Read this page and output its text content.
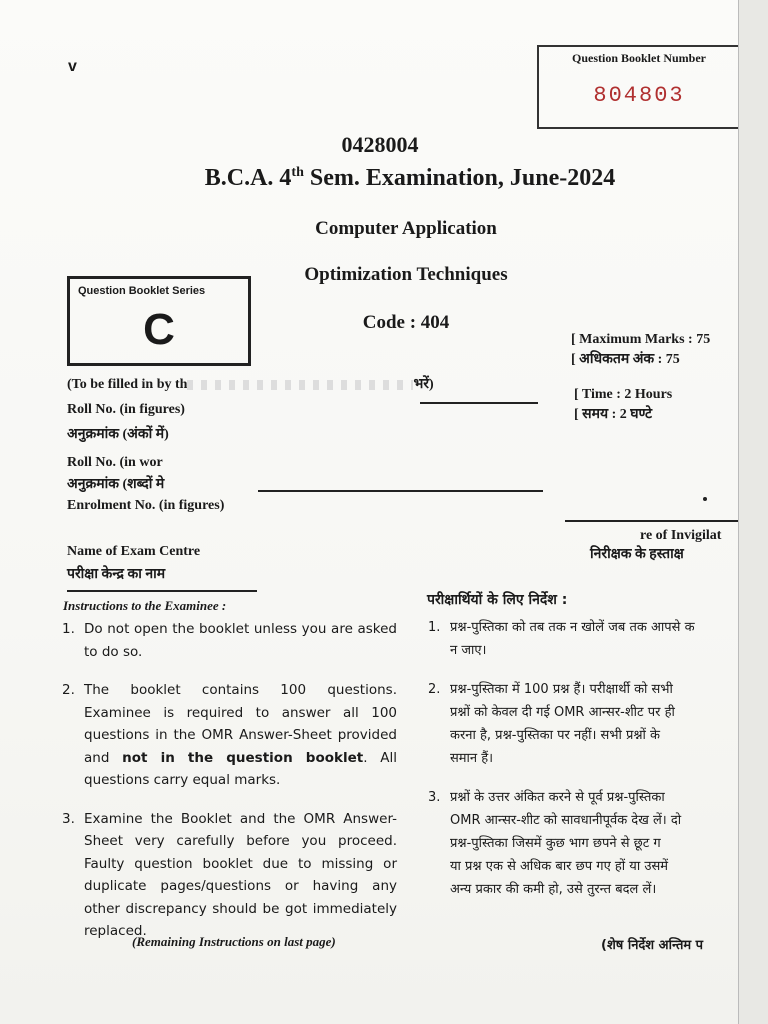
v	Question Booklet Number
804803
0428004
B.C.A. 4th Sem. Examination, June-2024
Computer Application
Optimization Techniques
Code : 404
Question Booklet Series
C	[ Maximum Marks : 75
[ अधिकतम अंक : 75
[ Time : 2 Hours
[ समय : 2 घण्टे
(To be filled in by th	भरें)
Roll No. (in figures)
अनुक्रमांक (अंकों में)
Roll No. (in wor
अनुक्रमांक (शब्दों मे
Enrolment No. (in figures)
re of Invigilat
निरीक्षक के हस्ताक्ष
Name of Exam Centre
परीक्षा केन्द्र का नाम
Instructions to the Examinee :	परीक्षार्थियों के लिए निर्देश :
1. Do not open the booklet unless you are asked to do so.
2. The booklet contains 100 questions. Examinee is required to answer all 100 questions in the OMR Answer-Sheet provided and not in the question booklet. All questions carry equal marks.
3. Examine the Booklet and the OMR Answer-Sheet very carefully before you proceed. Faulty question booklet due to missing or duplicate pages/questions or having any other discrepancy should be got immediately replaced.
(Remaining Instructions on last page)
1. प्रश्न-पुस्तिका को तब तक न खोलें जब तक आपसे क
न जाए।
2. प्रश्न-पुस्तिका में 100 प्रश्न हैं। परीक्षार्थी को सभी
प्रश्नों को केवल दी गई OMR आन्सर-शीट पर ही
करना है, प्रश्न-पुस्तिका पर नहीं। सभी प्रश्नों के
समान हैं।
3. प्रश्नों के उत्तर अंकित करने से पूर्व प्रश्न-पुस्तिका
OMR आन्सर-शीट को सावधानीपूर्वक देख लें। दो
प्रश्न-पुस्तिका जिसमें कुछ भाग छपने से छूट ग
या प्रश्न एक से अधिक बार छप गए हों या उसमें
अन्य प्रकार की कमी हो, उसे तुरन्त बदल लें।
(शेष निर्देश अन्तिम प
